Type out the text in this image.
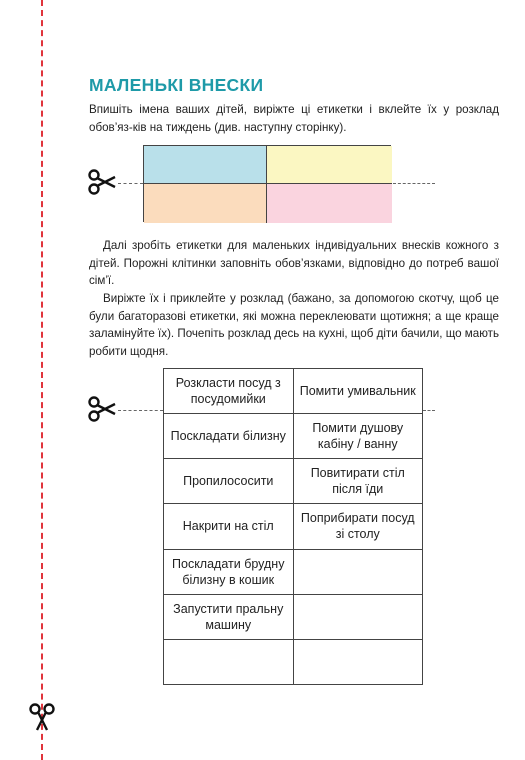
МАЛЕНЬКІ ВНЕСКИ

Впишіть імена ваших дітей, виріжте ці етикетки і вклейте їх у розклад обов’яз-ків на тиждень (див. наступну сторінку).

Далі зробіть етикетки для маленьких індивідуальних внесків кожного з дітей. Порожні клітинки заповніть обов’язками, відповідно до потреб вашої сім’ї.

Виріжте їх і приклейте у розклад (бажано, за допомогою скотчу, щоб це були багаторазові етикетки, які можна переклеювати щотижня; а ще краще заламінуйте їх). Почепіть розклад десь на кухні, щоб діти бачили, що мають робити щодня.

Розкласти посуд з посудомийки	Помити умивальник
Поскладати білизну	Помити душову кабіну / ванну
Пропилососити	Повитирати стіл після їди
Накрити на стіл	Поприбирати посуд зі столу
Поскладати брудну білизну в кошик	
Запустити пральну машину	
